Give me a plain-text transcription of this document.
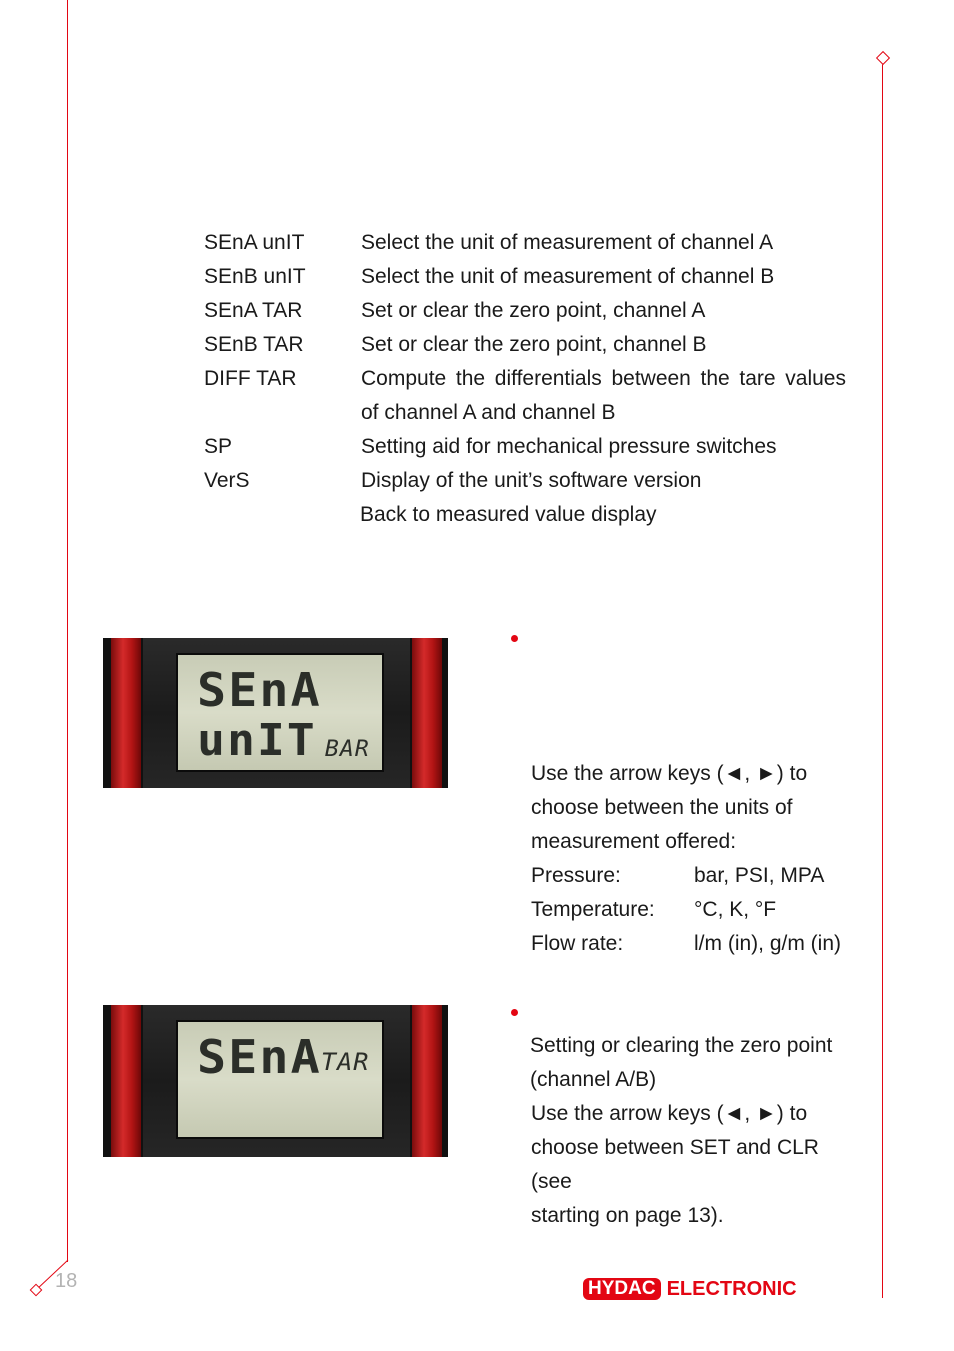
SEnA unIT	Select the unit of measurement of channel A
SEnB unIT	Select the unit of measurement of channel B
SEnA TAR	Set or clear the zero point, channel A
SEnB TAR	Set or clear the zero point, channel B
DIFF TAR	Compute the differentials between the tare values of channel A and channel B
SP	Setting aid for mechanical pressure switches
VerS	Display of the unit’s software version
Back to measured value display
SEnA
unIT BAR
SEnA TAR
Use the arrow keys (◄, ►) to
choose between the units of
measurement offered:
Pressure:	bar, PSI, MPA
Temperature:	°C, K, °F
Flow rate:	l/m (in), g/m (in)
Setting or clearing the zero point
(channel A/B)
Use the arrow keys (◄, ►) to
choose between SET and CLR
(see
starting on page 13).
18	HYDAC ELECTRONIC
